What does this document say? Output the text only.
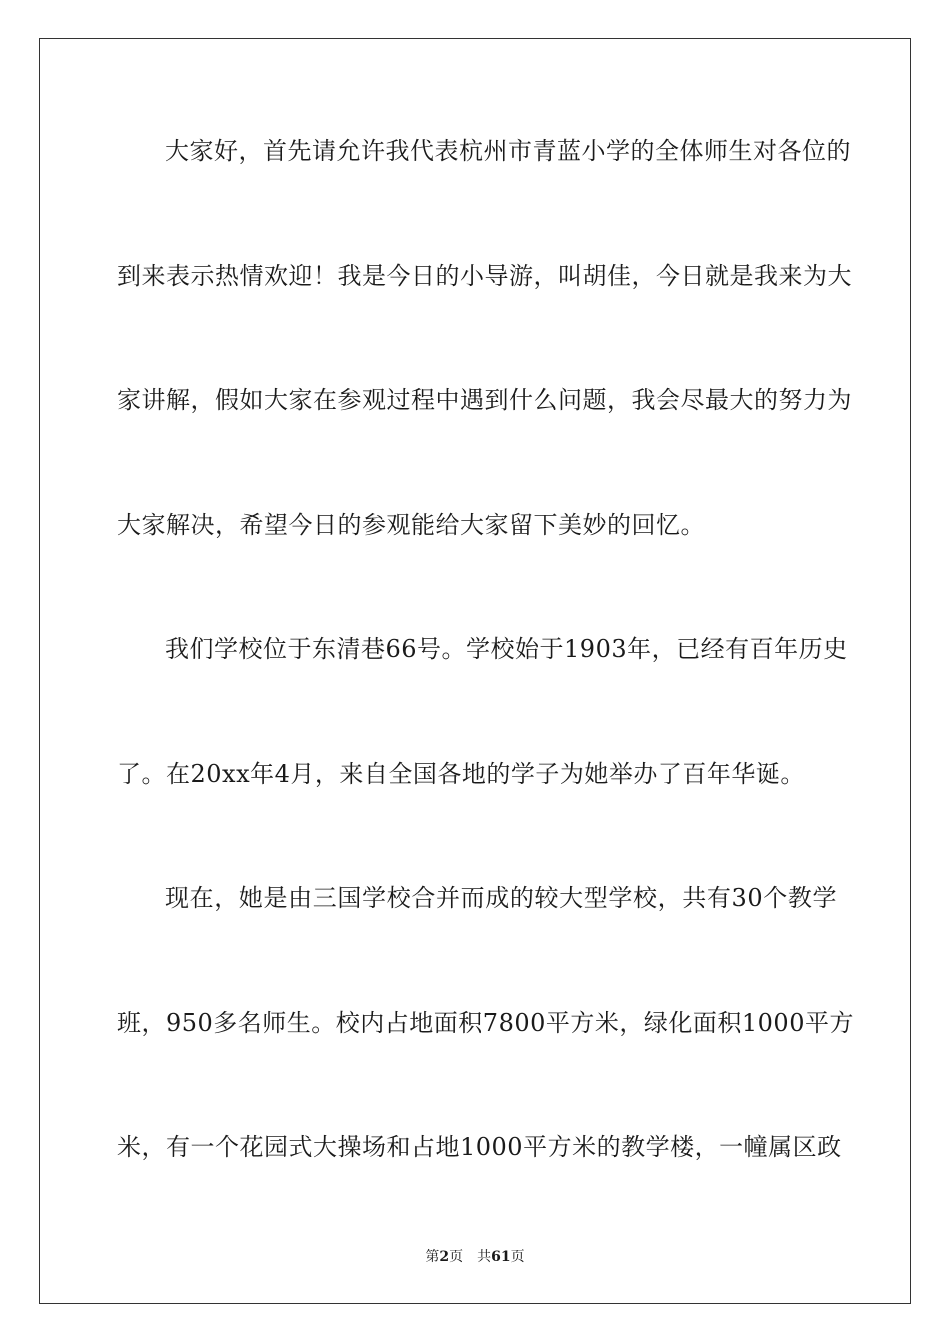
大家好，首先请允许我代表杭州市青蓝小学的全体师生对各位的
到来表示热情欢迎！我是今日的小导游，叫胡佳，今日就是我来为大
家讲解，假如大家在参观过程中遇到什么问题，我会尽最大的努力为
大家解决，希望今日的参观能给大家留下美妙的回忆。
我们学校位于东清巷66号。学校始于1903年，已经有百年历史
了。在20xx年4月，来自全国各地的学子为她举办了百年华诞。
现在，她是由三国学校合并而成的较大型学校，共有30个教学
班，950多名师生。校内占地面积7800平方米，绿化面积1000平方
米，有一个花园式大操场和占地1000平方米的教学楼，一幢属区政
第2页 共61页
